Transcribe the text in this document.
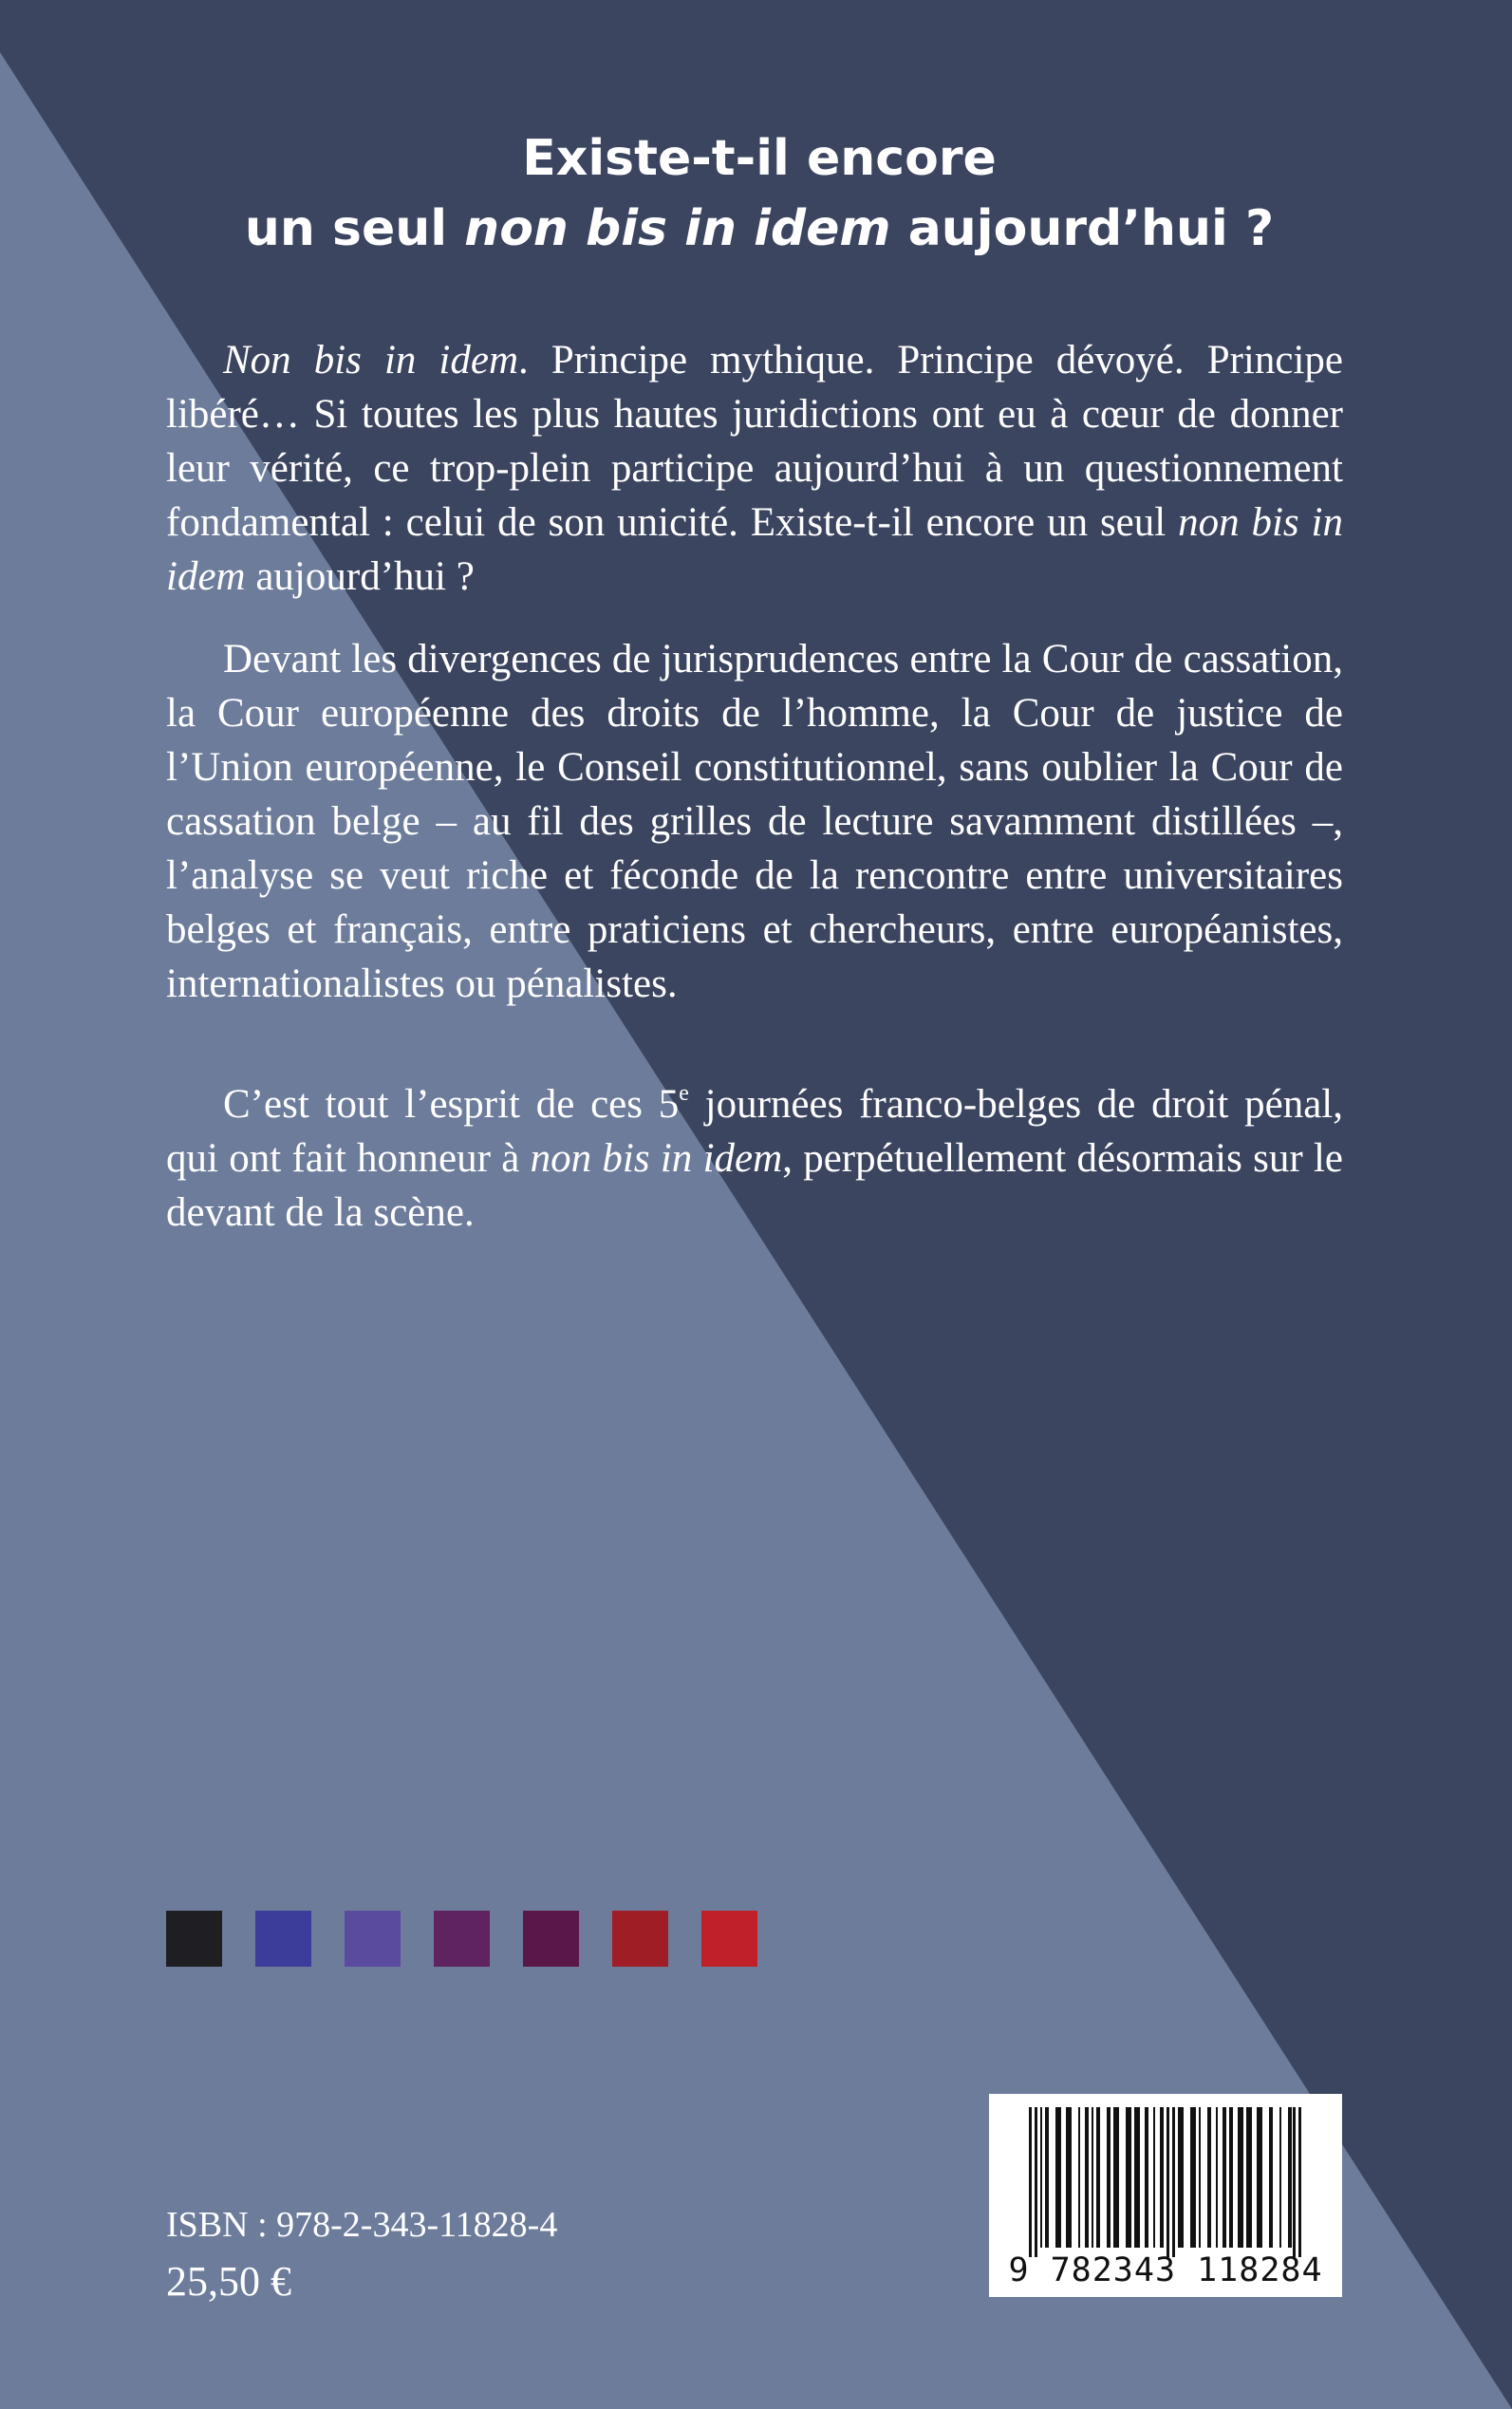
Existe-t-il encore
un seul non bis in idem aujourd’hui ?

Non bis in idem. Principe mythique. Principe dévoyé. Principe libéré… Si toutes les plus hautes juridictions ont eu à cœur de donner leur vérité, ce trop-plein participe aujourd’hui à un questionnement fondamental : celui de son unicité. Existe-t-il encore un seul non bis in idem aujourd’hui ?

Devant les divergences de jurisprudences entre la Cour de cassation, la Cour européenne des droits de l’homme, la Cour de justice de l’Union européenne, le Conseil constitutionnel, sans oublier la Cour de cassation belge – au fil des grilles de lecture savamment distillées –, l’analyse se veut riche et féconde de la rencontre entre universitaires belges et français, entre praticiens et chercheurs, entre européanistes, internationalistes ou pénalistes.

C’est tout l’esprit de ces 5e journées franco-belges de droit pénal, qui ont fait honneur à non bis in idem, perpétuellement désormais sur le devant de la scène.

ISBN : 978-2-343-11828-4
25,50 €	9 782343 118284
